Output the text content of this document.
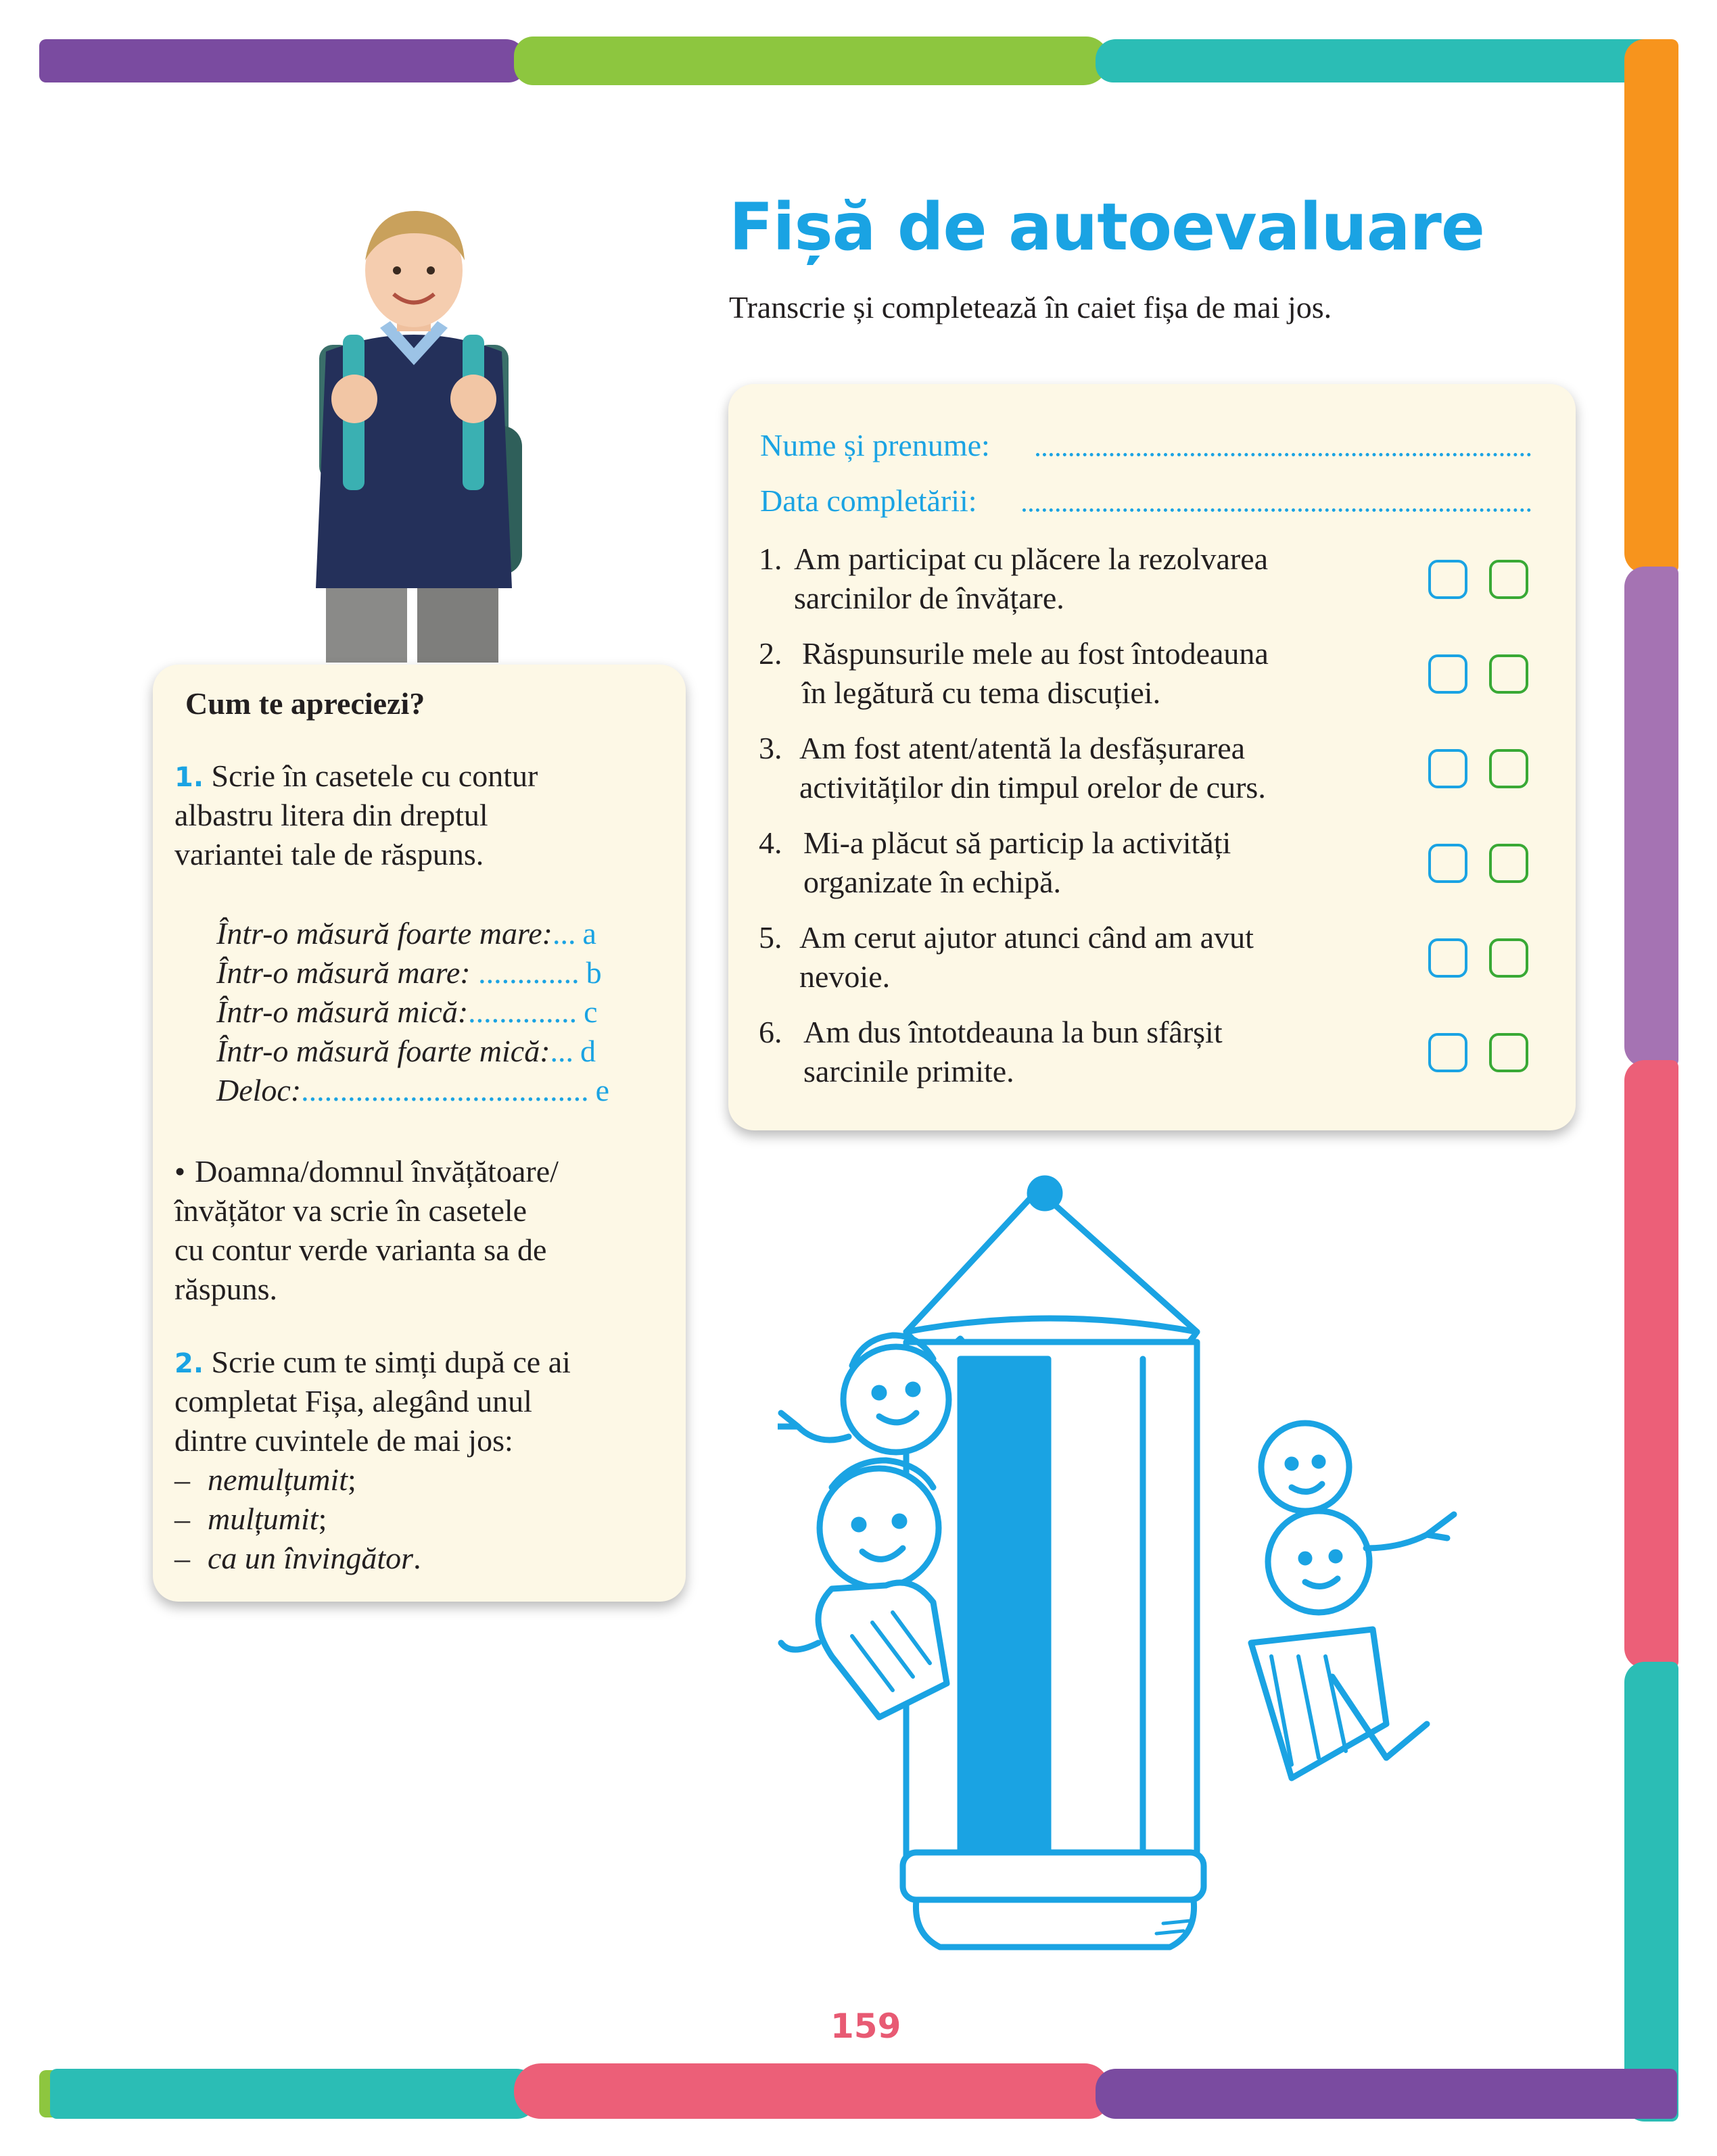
Fișă de autoevaluare
Transcrie și completează în caiet fișa de mai jos.
Cum te apreciezi?
1. Scrie în casetele cu contur
albastru litera din dreptul
variantei tale de răspuns.
Într-o măsură foarte mare:... a
Într-o măsură mare: ............. b
Într-o măsură mică:.............. c
Într-o măsură foarte mică:... d
Deloc:..................................... e
• Doamna/domnul învățătoare/
învățător va scrie în casetele
cu contur verde varianta sa de
răspuns.
2. Scrie cum te simți după ce ai
completat Fișa, alegând unul
dintre cuvintele de mai jos:
– nemulțumit;
– mulțumit;
– ca un învingător.
Nume și prenume:
Data completării:
1. Am participat cu plăcere la rezolvarea
sarcinilor de învățare.
2. Răspunsurile mele au fost întodeauna
în legătură cu tema discuției.
3. Am fost atent/atentă la desfășurarea
activităților din timpul orelor de curs.
4. Mi-a plăcut să particip la activități
organizate în echipă.
5. Am cerut ajutor atunci când am avut
nevoie.
6. Am dus întotdeauna la bun sfârșit
sarcinile primite.
159
